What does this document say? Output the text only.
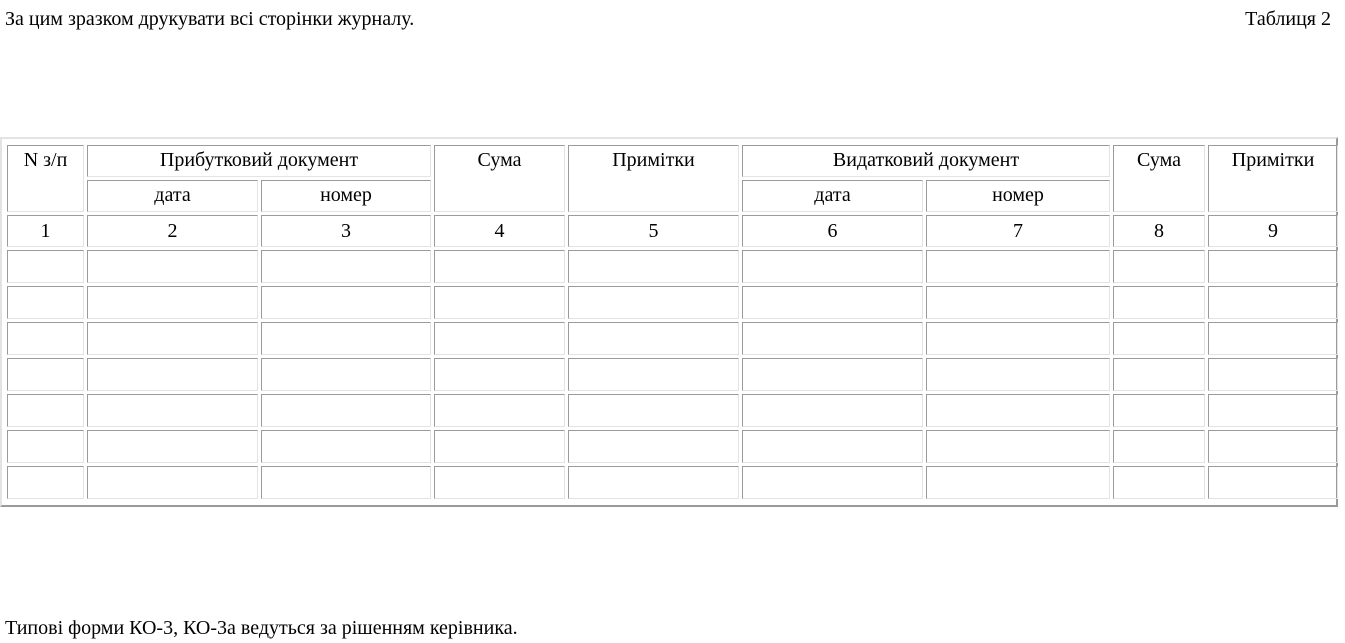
За цим зразком друкувати всі сторінки журналу.	Таблиця 2
N з/п	Прибутковий документ		Сума	Примітки	Видатковий документ		Сума	Примітки
	дата	номер			дата	номер		
1	2	3	4	5	6	7	8	9

Типові форми КО-3, КО-3а ведуться за рішенням керівника.
